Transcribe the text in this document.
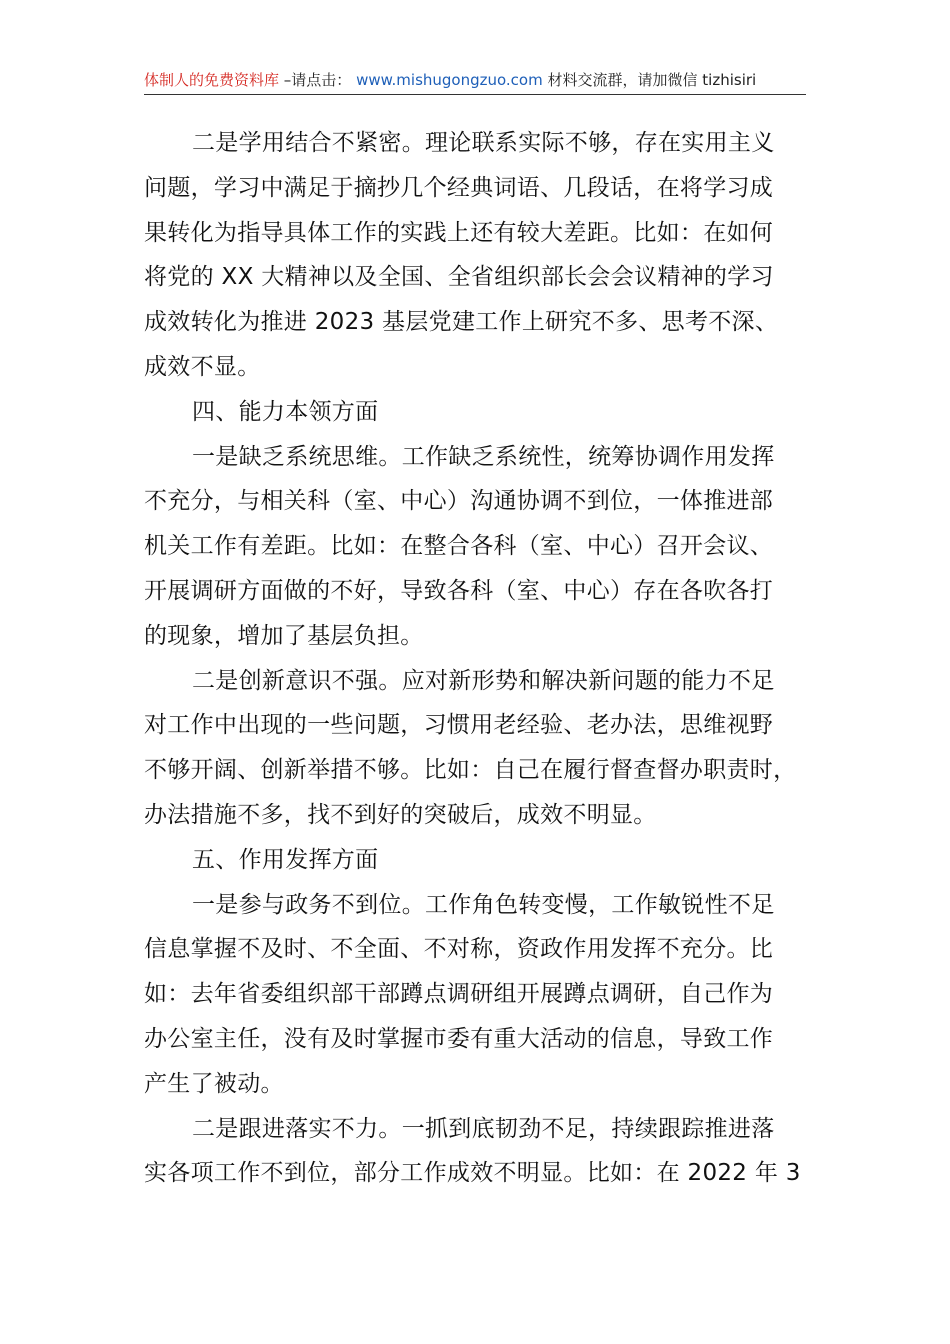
体制人的免费资料库 –请点击： www.mishugongzuo.com 材料交流群，请加微信 tizhisiri
二是学用结合不紧密。理论联系实际不够，存在实用主义
问题，学习中满足于摘抄几个经典词语、几段话，在将学习成
果转化为指导具体工作的实践上还有较大差距。比如：在如何
将党的 XX 大精神以及全国、全省组织部长会会议精神的学习
成效转化为推进 2023 基层党建工作上研究不多、思考不深、
成效不显。
四、能力本领方面
一是缺乏系统思维。工作缺乏系统性，统筹协调作用发挥
不充分，与相关科（室、中心）沟通协调不到位，一体推进部
机关工作有差距。比如：在整合各科（室、中心）召开会议、
开展调研方面做的不好，导致各科（室、中心）存在各吹各打
的现象，增加了基层负担。
二是创新意识不强。应对新形势和解决新问题的能力不足
对工作中出现的一些问题，习惯用老经验、老办法，思维视野
不够开阔、创新举措不够。比如：自己在履行督查督办职责时，
办法措施不多，找不到好的突破后，成效不明显。
五、作用发挥方面
一是参与政务不到位。工作角色转变慢，工作敏锐性不足
信息掌握不及时、不全面、不对称，资政作用发挥不充分。比
如：去年省委组织部干部蹲点调研组开展蹲点调研，自己作为
办公室主任，没有及时掌握市委有重大活动的信息，导致工作
产生了被动。
二是跟进落实不力。一抓到底韧劲不足，持续跟踪推进落
实各项工作不到位，部分工作成效不明显。比如：在 2022 年 3
